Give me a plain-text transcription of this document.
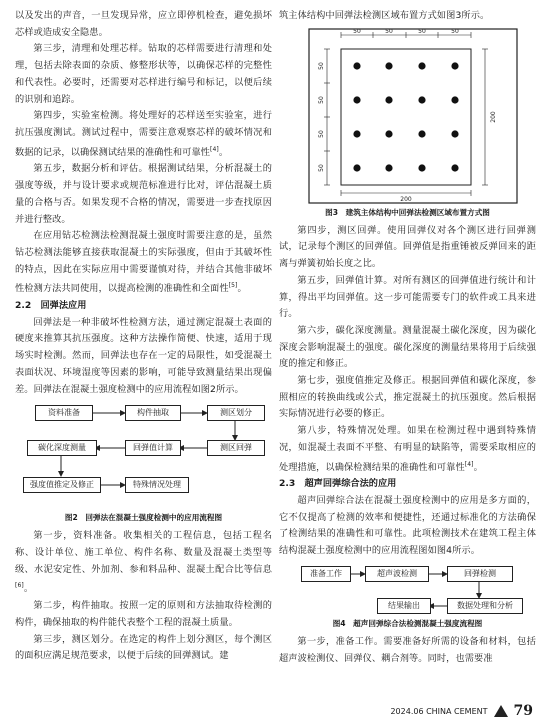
以及发出的声音，一旦发现异常，应立即停机检查，避免损坏芯样或造成安全隐患。

第三步，清理和处理芯样。钻取的芯样需要进行清理和处理，包括去除表面的杂质、修整形状等，以确保芯样的完整性和代表性。必要时，还需要对芯样进行编号和标记，以便后续的识别和追踪。

第四步，实验室检测。将处理好的芯样送至实验室，进行抗压强度测试。测试过程中，需要注意观察芯样的破坏情况和数据的记录，以确保测试结果的准确性和可靠性[4]。

第五步，数据分析和评估。根据测试结果，分析混凝土的强度等级，并与设计要求或规范标准进行比对，评估混凝土质量的合格与否。如果发现不合格的情况，需要进一步查找原因并进行整改。

在应用钻芯检测法检测混凝土强度时需要注意的是，虽然钻芯检测法能够直接获取混凝土的实际强度，但由于其破坏性的特点，因此在实际应用中需要谨慎对待，并结合其他非破坏性检测方法共同使用，以提高检测的准确性和全面性[5]。

2.2　回弹法应用

回弹法是一种非破坏性检测方法，通过测定混凝土表面的硬度来推算其抗压强度。这种方法操作简便、快速，适用于现场实时检测。然而，回弹法也存在一定的局限性，如受混凝土表面状况、环境湿度等因素的影响，可能导致测量结果出现偏差。回弹法在混凝土强度检测中的应用流程如图2所示。

资料准备	构件抽取	测区划分
测区回弹
回弹值计算
碳化深度测量
强度值推定及修正	特殊情况处理
图2　回弹法在混凝土强度检测中的应用流程图

第一步，资料准备。收集相关的工程信息，包括工程名称、设计单位、施工单位、构件名称、数量及混凝土类型等级、水泥安定性、外加剂、参和料品种、混凝土配合比等信息[6]。

第二步，构件抽取。按照一定的原则和方法抽取待检测的构件，确保抽取的构件能代表整个工程的混凝土质量。

第三步，测区划分。在选定的构件上划分测区，每个测区的面积应满足规范要求，以便于后续的回弹测试。建

筑主体结构中回弹法检测区域布置方式如图3所示。

50	50	50	50
50
50
50
50
200
200
图3　建筑主体结构中回弹法检测区域布置方式图

第四步，测区回弹。使用回弹仪对各个测区进行回弹测试，记录每个测区的回弹值。回弹值是指重锤被反弹回来的距离与弹簧初始长度之比。

第五步，回弹值计算。对所有测区的回弹值进行统计和计算，得出平均回弹值。这一步可能需要专门的软件或工具来进行。

第六步，碳化深度测量。测量混凝土碳化深度，因为碳化深度会影响混凝土的强度。碳化深度的测量结果将用于后续强度的推定和修正。

第七步，强度值推定及修正。根据回弹值和碳化深度，参照相应的转换曲线或公式，推定混凝土的抗压强度。然后根据实际情况进行必要的修正。

第八步，特殊情况处理。如果在检测过程中遇到特殊情况，如混凝土表面不平整、有明显的缺陷等，需要采取相应的处理措施，以确保检测结果的准确性和可靠性[4]。

2.3　超声回弹综合法的应用

超声回弹综合法在混凝土强度检测中的应用是多方面的，它不仅提高了检测的效率和便捷性，还通过标准化的方法确保了检测结果的准确性和可靠性。此项检测技术在建筑工程主体结构混凝土强度检测中的应用流程图如图4所示。

准备工作	超声波检测	回弹检测
结果输出	数据处理和分析
图4　超声回弹综合法检测混凝土强度流程图

第一步，准备工作。需要准备好所需的设备和材料，包括超声波检测仪、回弹仪、耦合剂等。同时，也需要准

2024.06 CHINA CEMENT 79
